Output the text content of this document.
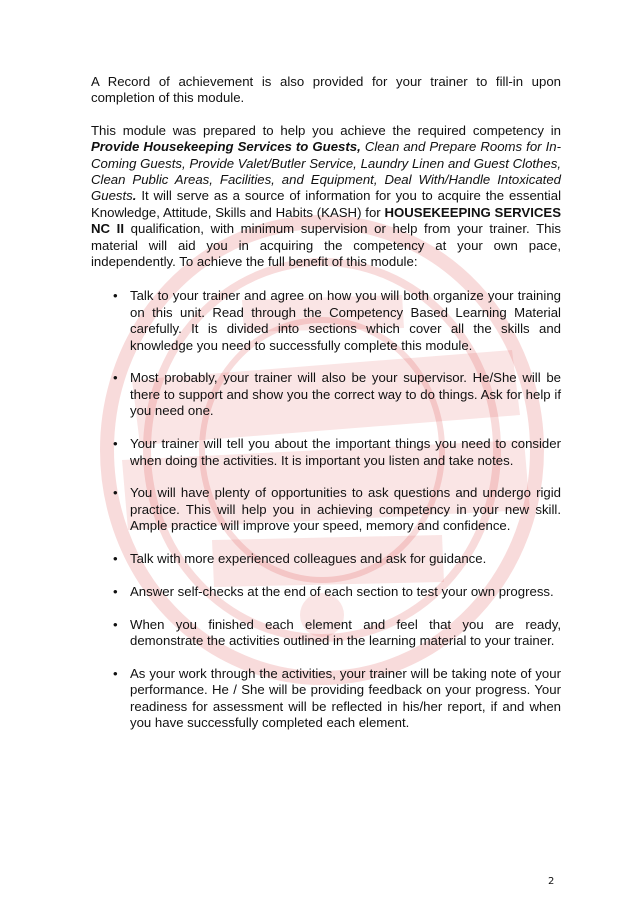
A Record of achievement is also provided for your trainer to fill-in upon completion of this module.

This module was prepared to help you achieve the required competency in Provide Housekeeping Services to Guests, Clean and Prepare Rooms for In-Coming Guests, Provide Valet/Butler Service, Laundry Linen and Guest Clothes, Clean Public Areas, Facilities, and Equipment, Deal With/Handle Intoxicated Guests. It will serve as a source of information for you to acquire the essential Knowledge, Attitude, Skills and Habits (KASH) for HOUSEKEEPING SERVICES NC II qualification, with minimum supervision or help from your trainer. This material will aid you in acquiring the competency at your own pace, independently. To achieve the full benefit of this module:

• Talk to your trainer and agree on how you will both organize your training on this unit. Read through the Competency Based Learning Material carefully. It is divided into sections which cover all the skills and knowledge you need to successfully complete this module.
• Most probably, your trainer will also be your supervisor. He/She will be there to support and show you the correct way to do things. Ask for help if you need one.
• Your trainer will tell you about the important things you need to consider when doing the activities. It is important you listen and take notes.
• You will have plenty of opportunities to ask questions and undergo rigid practice. This will help you in achieving competency in your new skill. Ample practice will improve your speed, memory and confidence.
• Talk with more experienced colleagues and ask for guidance.
• Answer self-checks at the end of each section to test your own progress.
• When you finished each element and feel that you are ready, demonstrate the activities outlined in the learning material to your trainer.
• As your work through the activities, your trainer will be taking note of your performance. He / She will be providing feedback on your progress. Your readiness for assessment will be reflected in his/her report, if and when you have successfully completed each element.
2
